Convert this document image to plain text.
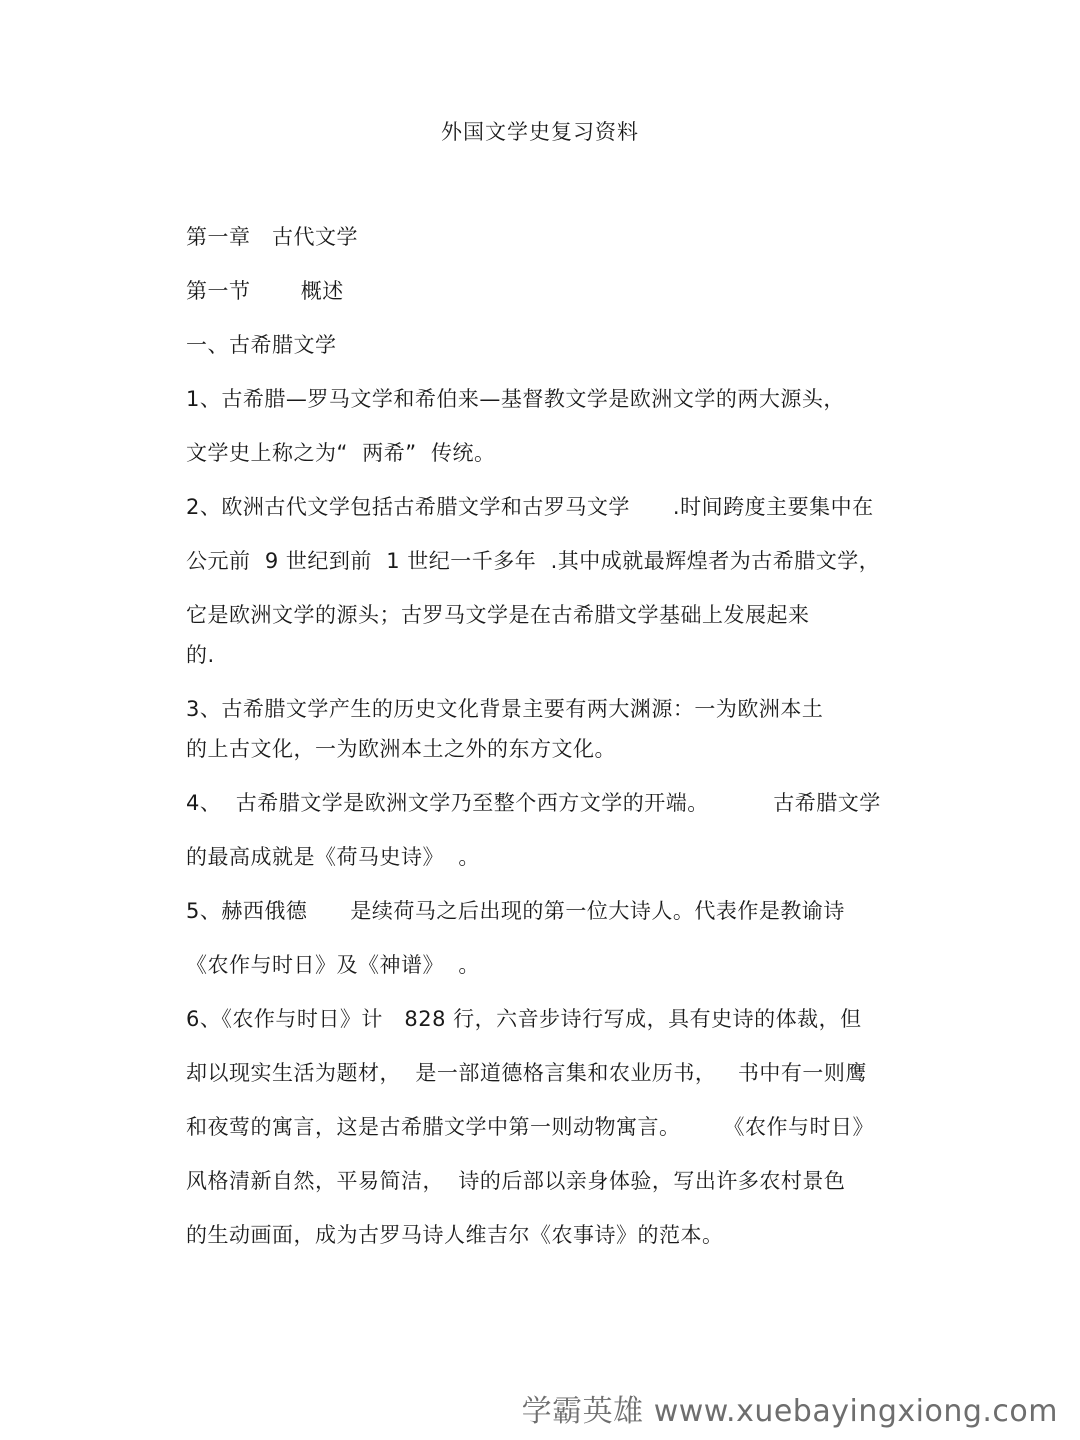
外国文学史复习资料
第一章   古代文学
第一节       概述
一、古希腊文学
1、古希腊—罗马文学和希伯来—基督教文学是欧洲文学的两大源头，
文学史上称之为“  两希”  传统。
2、欧洲古代文学包括古希腊文学和古罗马文学      .时间跨度主要集中在
公元前  9 世纪到前  1 世纪一千多年  .其中成就最辉煌者为古希腊文学，
它是欧洲文学的源头；古罗马文学是在古希腊文学基础上发展起来
的.
3、古希腊文学产生的历史文化背景主要有两大渊源：一为欧洲本土
的上古文化，一为欧洲本土之外的东方文化。
4、  古希腊文学是欧洲文学乃至整个西方文学的开端。         古希腊文学
的最高成就是《荷马史诗》  。
5、赫西俄德      是续荷马之后出现的第一位大诗人。代表作是教谕诗
《农作与时日》及《神谱》  。
6、《农作与时日》计   828 行，六音步诗行写成，具有史诗的体裁，但
却以现实生活为题材，  是一部道德格言集和农业历书，   书中有一则鹰
和夜莺的寓言，这是古希腊文学中第一则动物寓言。      《农作与时日》
风格清新自然，平易简洁，  诗的后部以亲身体验，写出许多农村景色
的生动画面，成为古罗马诗人维吉尔《农事诗》的范本。
学霸英雄 www.xuebayingxiong.com
